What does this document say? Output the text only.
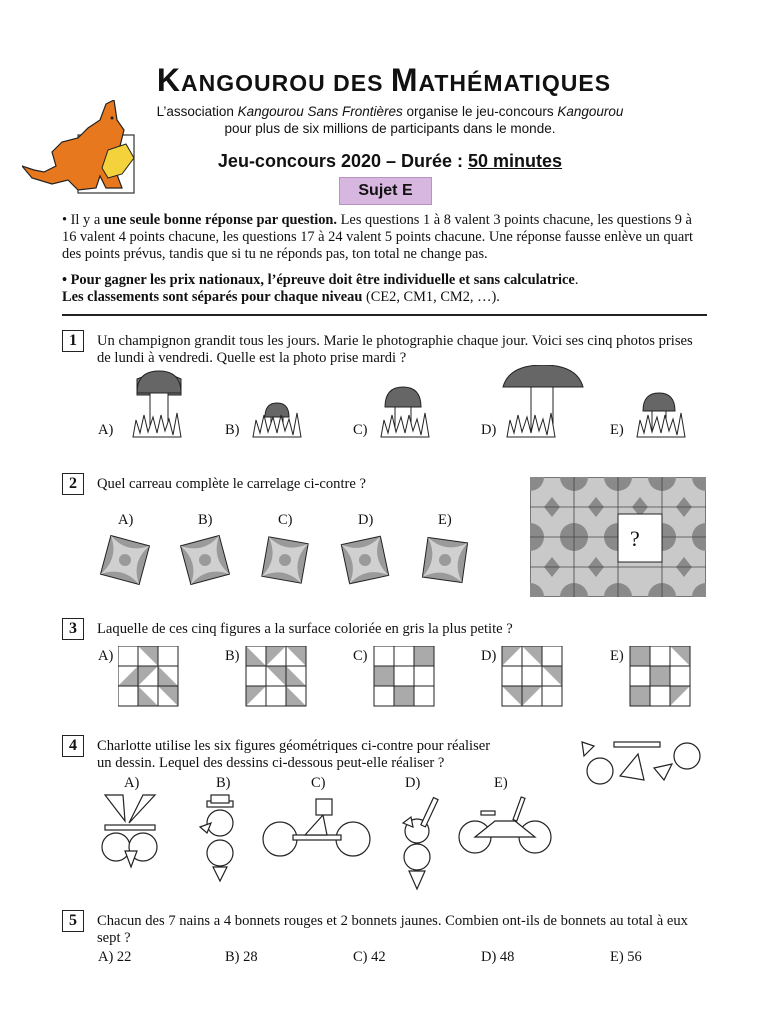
KANGOUROU DES MATHÉMATIQUES
L’association Kangourou Sans Frontières organise le jeu-concours Kangourou
pour plus de six millions de participants dans le monde.
Jeu-concours 2020 – Durée : 50 minutes
Sujet E
• Il y a une seule bonne réponse par question. Les questions 1 à 8 valent 3 points chacune, les questions 9 à 16 valent 4 points chacune, les questions 17 à 24 valent 5 points chacune. Une réponse fausse enlève un quart des points prévus, tandis que si tu ne réponds pas, ton total ne change pas.
• Pour gagner les prix nationaux, l’épreuve doit être individuelle et sans calculatrice.
Les classements sont séparés pour chaque niveau (CE2, CM1, CM2, …).
1	Un champignon grandit tous les jours. Marie le photographie chaque jour. Voici ses cinq photos prises de lundi à vendredi. Quelle est la photo prise mardi ?
A)	B)	C)	D)	E)
2	Quel carreau complète le carrelage ci-contre ?
A)	B)	C)	D)	E)
?
3	Laquelle de ces cinq figures a la surface coloriée en gris la plus petite ?
A)	B)	C)	D)	E)
4	Charlotte utilise les six figures géométriques ci-contre pour réaliser
un dessin. Lequel des dessins ci-dessous peut-elle réaliser ?
A)	B)	C)	D)	E)
5	Chacun des 7 nains a 4 bonnets rouges et 2 bonnets jaunes. Combien ont-ils de bonnets au total à eux sept ?
A) 22	B) 28	C) 42	D) 48	E) 56
